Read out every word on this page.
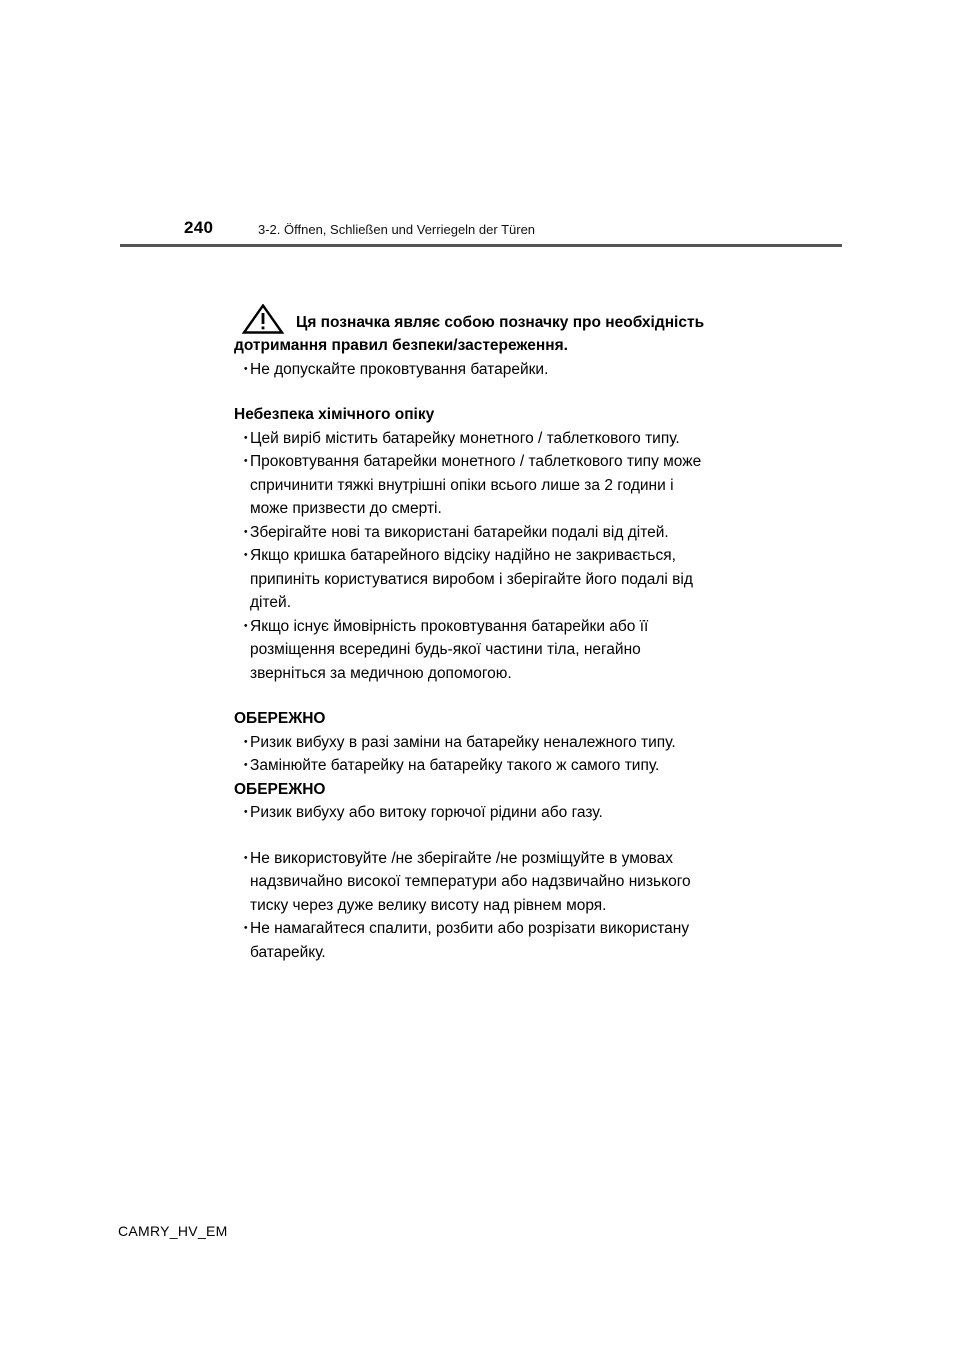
240	3-2. Öffnen, Schließen und Verriegeln der Türen
Ця позначка являє собою позначку про необхідність
дотримання правил безпеки/застереження.
・
Не допускайте проковтування батарейки.
Небезпека хімічного опіку
・
Цей виріб містить батарейку монетного / таблеткового типу.
・
Проковтування батарейки монетного / таблеткового типу може
спричинити тяжкі внутрішні опіки всього лише за 2 години і
може призвести до смерті.
・
Зберігайте нові та використані батарейки подалі від дітей.
・
Якщо кришка батарейного відсіку надійно не закривається,
припиніть користуватися виробом і зберігайте його подалі від
дітей.
・
Якщо існує ймовірність проковтування батарейки або її
розміщення всередині будь-якої частини тіла, негайно
зверніться за медичною допомогою.
ОБЕРЕЖНО
・
Ризик вибуху в разі заміни на батарейку неналежного типу.
・
Замінюйте батарейку на батарейку такого ж самого типу.
ОБЕРЕЖНО
・
Ризик вибуху або витоку горючої рідини або газу.
・
Не використовуйте /не зберігайте /не розміщуйте в умовах
надзвичайно високої температури або надзвичайно низького
тиску через дуже велику висоту над рівнем моря.
・
Не намагайтеся спалити, розбити або розрізати використану
батарейку.
CAMRY_HV_EM
